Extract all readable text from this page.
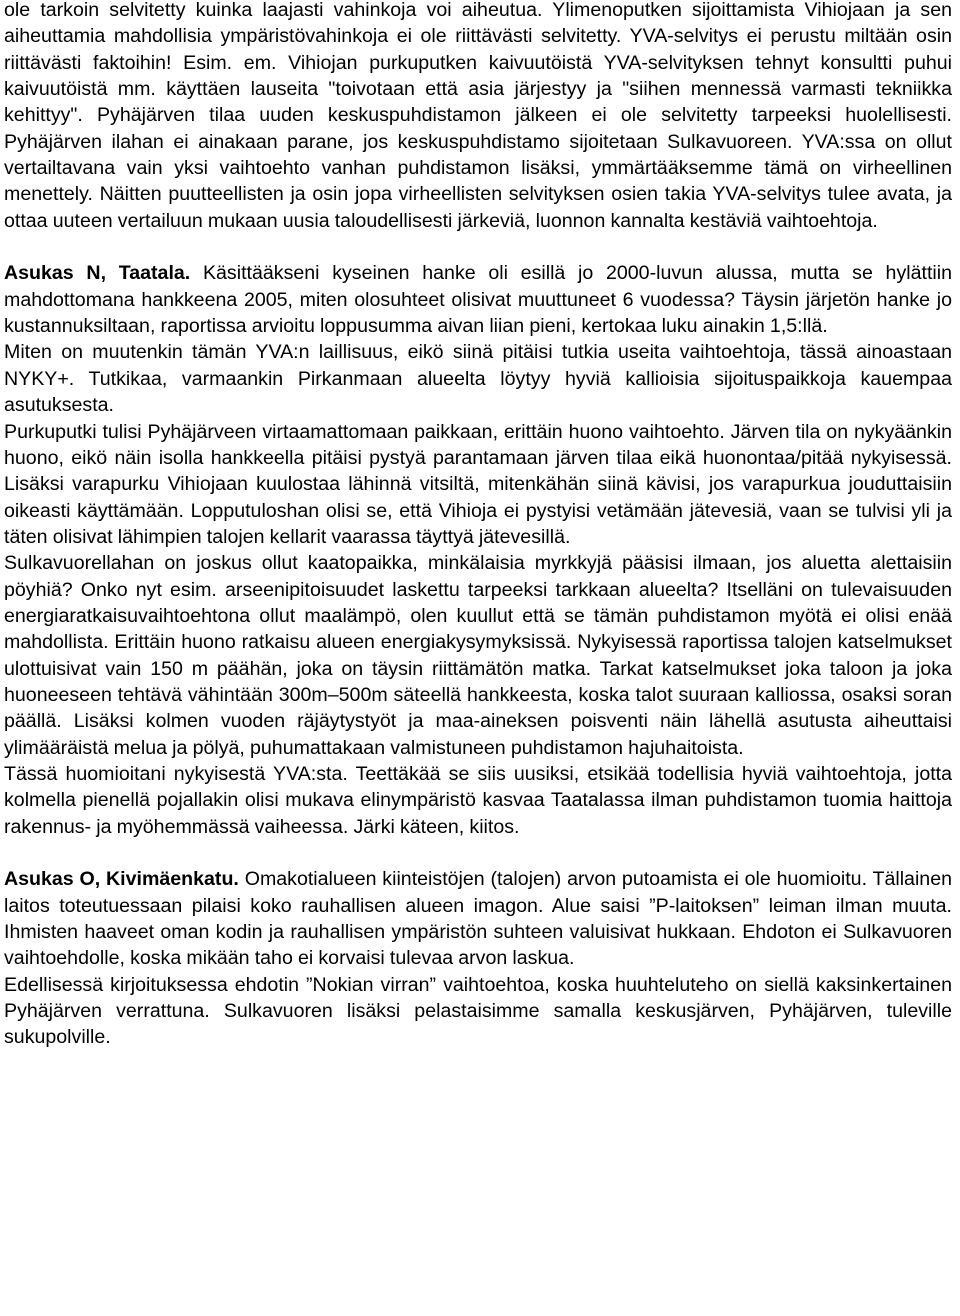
ole tarkoin selvitetty kuinka laajasti vahinkoja voi aiheutua. Ylimenoputken sijoittamista Vihiojaan ja sen aiheuttamia mahdollisia ympäristövahinkoja ei ole riittävästi selvitetty. YVA-selvitys ei perustu miltään osin riittävästi faktoihin! Esim. em. Vihiojan purkuputken kaivuutöistä YVA-selvityksen tehnyt konsultti puhui kaivuutöistä mm. käyttäen lauseita "toivotaan että asia järjestyy ja "siihen mennessä varmasti tekniikka kehittyy". Pyhäjärven tilaa uuden keskuspuhdistamon jälkeen ei ole selvitetty tarpeeksi huolellisesti. Pyhäjärven ilahan ei ainakaan parane, jos keskuspuhdistamo sijoitetaan Sulkavuoreen. YVA:ssa on ollut vertailtavana vain yksi vaihtoehto vanhan puhdistamon lisäksi, ymmärtääksemme tämä on virheellinen menettely. Näitten puutteellisten ja osin jopa virheellisten selvityksen osien takia YVA-selvitys tulee avata, ja ottaa uuteen vertailuun mukaan uusia taloudellisesti järkeviä, luonnon kannalta kestäviä vaihtoehtoja.

Asukas N, Taatala. Käsittääkseni kyseinen hanke oli esillä jo 2000-luvun alussa, mutta se hylättiin mahdottomana hankkeena 2005, miten olosuhteet olisivat muuttuneet 6 vuodessa? Täysin järjetön hanke jo kustannuksiltaan, raportissa arvioitu loppusumma aivan liian pieni, kertokaa luku ainakin 1,5:llä.

Miten on muutenkin tämän YVA:n laillisuus, eikö siinä pitäisi tutkia useita vaihtoehtoja, tässä ainoastaan NYKY+. Tutkikaa, varmaankin Pirkanmaan alueelta löytyy hyviä kallioisia sijoituspaikkoja kauempaa asutuksesta.

Purkuputki tulisi Pyhäjärveen virtaamattomaan paikkaan, erittäin huono vaihtoehto. Järven tila on nykyäänkin huono, eikö näin isolla hankkeella pitäisi pystyä parantamaan järven tilaa eikä huonontaa/pitää nykyisessä. Lisäksi varapurku Vihiojaan kuulostaa lähinnä vitsiltä, mitenkähän siinä kävisi, jos varapurkua jouduttaisiin oikeasti käyttämään. Lopputuloshan olisi se, että Vihioja ei pystyisi vetämään jätevesiä, vaan se tulvisi yli ja täten olisivat lähimpien talojen kellarit vaarassa täyttyä jätevesillä.

Sulkavuorellahan on joskus ollut kaatopaikka, minkälaisia myrkkyjä pääsisi ilmaan, jos aluetta alettaisiin pöyhiä? Onko nyt esim. arseenipitoisuudet laskettu tarpeeksi tarkkaan alueelta? Itselläni on tulevaisuuden energiaratkaisuvaihtoehtona ollut maalämpö, olen kuullut että se tämän puhdistamon myötä ei olisi enää mahdollista. Erittäin huono ratkaisu alueen energiakysymyksissä. Nykyisessä raportissa talojen katselmukset ulottuisivat vain 150 m päähän, joka on täysin riittämätön matka. Tarkat katselmukset joka taloon ja joka huoneeseen tehtävä vähintään 300m–500m säteellä hankkeesta, koska talot suuraan kalliossa, osaksi soran päällä. Lisäksi kolmen vuoden räjäytystyöt ja maa-aineksen poisventi näin lähellä asutusta aiheuttaisi ylimääräistä melua ja pölyä, puhumattakaan valmistuneen puhdistamon hajuhaitoista.

Tässä huomioitani nykyisestä YVA:sta. Teettäkää se siis uusiksi, etsikää todellisia hyviä vaihtoehtoja, jotta kolmella pienellä pojallakin olisi mukava elinympäristö kasvaa Taatalassa ilman puhdistamon tuomia haittoja rakennus- ja myöhemmässä vaiheessa. Järki käteen, kiitos.

Asukas O, Kivimäenkatu. Omakotialueen kiinteistöjen (talojen) arvon putoamista ei ole huomioitu. Tällainen laitos toteutuessaan pilaisi koko rauhallisen alueen imagon. Alue saisi ”P-laitoksen” leiman ilman muuta. Ihmisten haaveet oman kodin ja rauhallisen ympäristön suhteen valuisivat hukkaan. Ehdoton ei Sulkavuoren vaihtoehdolle, koska mikään taho ei korvaisi tulevaa arvon laskua.

Edellisessä kirjoituksessa ehdotin ”Nokian virran” vaihtoehtoa, koska huuhteluteho on siellä kaksinkertainen Pyhäjärven verrattuna. Sulkavuoren lisäksi pelastaisimme samalla keskusjärven, Pyhäjärven, tuleville sukupolville.
